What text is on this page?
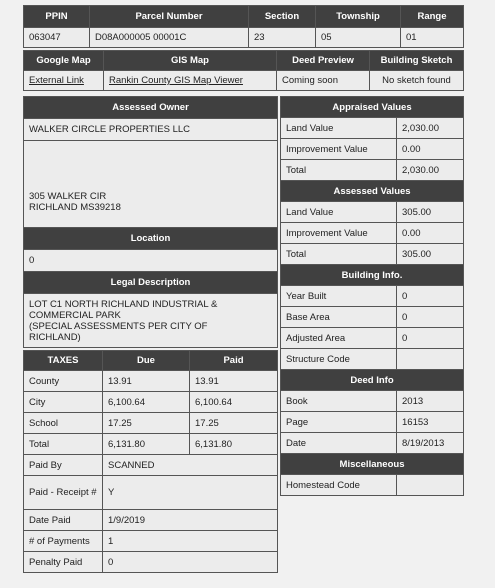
PPIN	Parcel Number	Section	Township	Range
063047	D08A000005 00001C	23	05	01
Google Map	GIS Map	Deed Preview	Building Sketch
External Link	Rankin County GIS Map Viewer	Coming soon	No sketch found
Assessed Owner
WALKER CIRCLE PROPERTIES LLC
305 WALKER CIR
RICHLAND MS39218
Location
0
Legal Description
LOT C1 NORTH RICHLAND INDUSTRIAL &
COMMERCIAL PARK
(SPECIAL ASSESSMENTS PER CITY OF
RICHLAND)
TAXES	Due	Paid
County	13.91	13.91
City	6,100.64	6,100.64
School	17.25	17.25
Total	6,131.80	6,131.80
Paid By	SCANNED	
Paid - Receipt #	Y	
Date Paid	1/9/2019	
# of Payments	1	
Penalty Paid	0	
Appraised Values	
Land Value	2,030.00
Improvement Value	0.00
Total	2,030.00
Assessed Values	
Land Value	305.00
Improvement Value	0.00
Total	305.00
Building Info.	
Year Built	0
Base Area	0
Adjusted Area	0
Structure Code	
Deed Info	
Book	2013
Page	16153
Date	8/19/2013
Miscellaneous	
Homestead Code	
